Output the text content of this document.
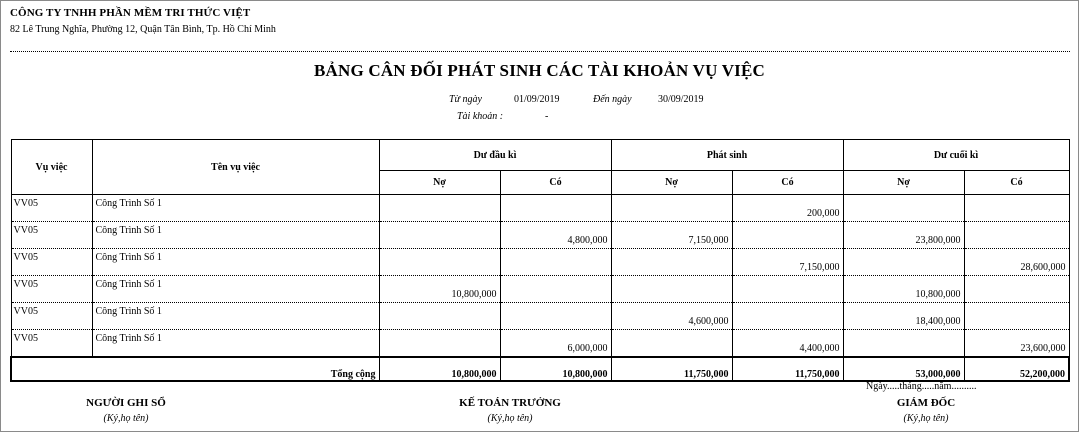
CÔNG TY TNHH PHẦN MỀM TRI THỨC VIỆT
82 Lê Trung Nghĩa, Phường 12, Quận Tân Bình, Tp. Hồ Chí Minh
BẢNG CÂN ĐỐI PHÁT SINH CÁC TÀI KHOẢN VỤ VIỆC
Từ ngày	01/09/2019	Đến ngày	30/09/2019
Tài khoản :	-
Vụ việc	Tên vụ việc	Dư đầu kì		Phát sinh		Dư cuối kì	
		Nợ	Có	Nợ	Có	Nợ	Có
VV05	Công Trình Số 1				200,000		
VV05	Công Trình Số 1		4,800,000	7,150,000		23,800,000	
VV05	Công Trình Số 1				7,150,000		28,600,000
VV05	Công Trình Số 1	10,800,000				10,800,000	
VV05	Công Trình Số 1			4,600,000		18,400,000	
VV05	Công Trình Số 1		6,000,000		4,400,000		23,600,000
Tổng cộng		10,800,000	10,800,000	11,750,000	11,750,000	53,000,000	52,200,000
Ngày.....tháng.....năm..........
NGƯỜI GHI SỔ
(Ký,họ tên)
KẾ TOÁN TRƯỞNG
(Ký,họ tên)
GIÁM ĐỐC
(Ký,họ tên)
